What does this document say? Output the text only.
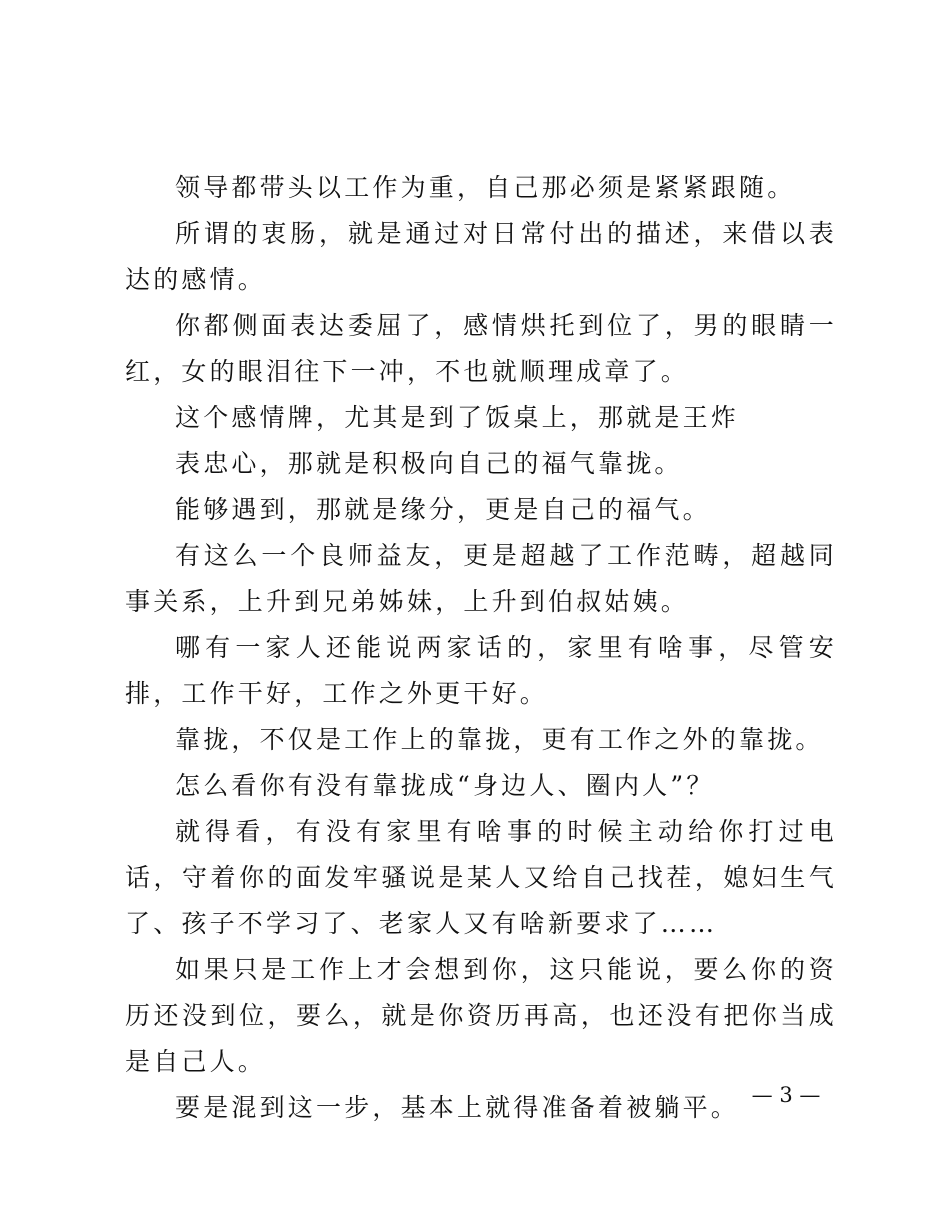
领导都带头以工作为重，自己那必须是紧紧跟随。

所谓的衷肠，就是通过对日常付出的描述，来借以表达的感情。

你都侧面表达委屈了，感情烘托到位了，男的眼睛一红，女的眼泪往下一冲，不也就顺理成章了。

这个感情牌，尤其是到了饭桌上，那就是王炸

表忠心，那就是积极向自己的福气靠拢。

能够遇到，那就是缘分，更是自己的福气。

有这么一个良师益友，更是超越了工作范畴，超越同事关系，上升到兄弟姊妹，上升到伯叔姑姨。

哪有一家人还能说两家话的，家里有啥事，尽管安排，工作干好，工作之外更干好。

靠拢，不仅是工作上的靠拢，更有工作之外的靠拢。

怎么看你有没有靠拢成“身边人、圈内人”？

就得看，有没有家里有啥事的时候主动给你打过电话，守着你的面发牢骚说是某人又给自己找茬，媳妇生气了、孩子不学习了、老家人又有啥新要求了……

如果只是工作上才会想到你，这只能说，要么你的资历还没到位，要么，就是你资历再高，也还没有把你当成是自己人。

要是混到这一步，基本上就得准备着被躺平。 — 3 —
